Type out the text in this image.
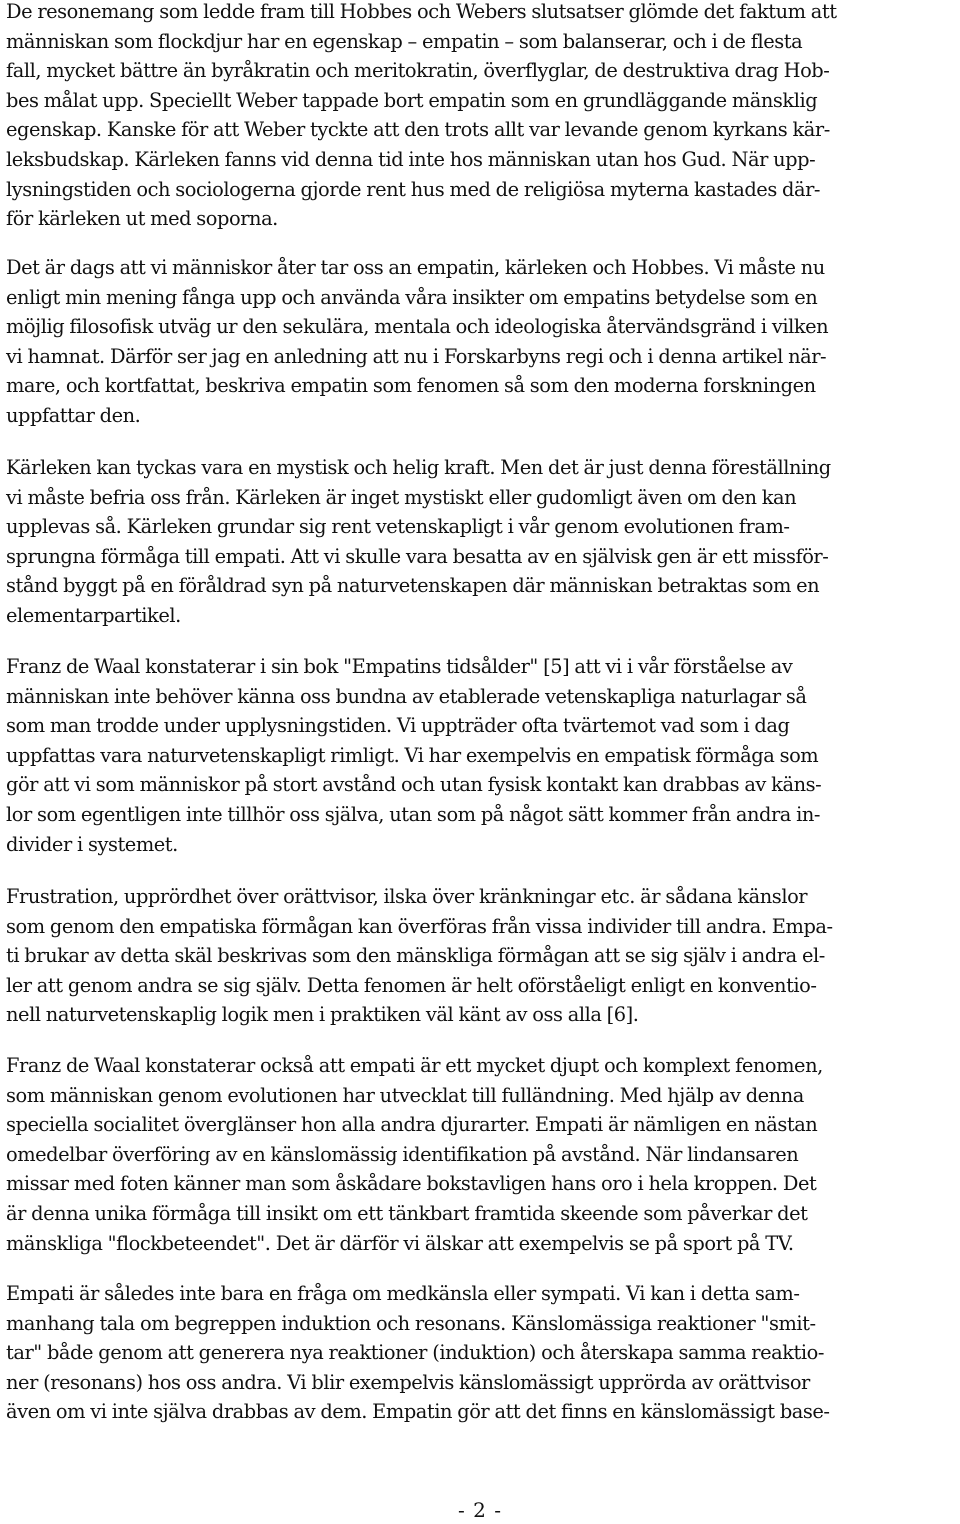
De resonemang som ledde fram till Hobbes och Webers slutsatser glömde det faktum att
människan som flockdjur har en egenskap – empatin – som balanserar, och i de flesta
fall, mycket bättre än byråkratin och meritokratin, överflyglar, de destruktiva drag Hob-
bes målat upp. Speciellt Weber tappade bort empatin som en grundläggande mänsklig
egenskap. Kanske för att Weber tyckte att den trots allt var levande genom kyrkans kär-
leksbudskap. Kärleken fanns vid denna tid inte hos människan utan hos Gud. När upp-
lysningstiden och sociologerna gjorde rent hus med de religiösa myterna kastades där-
för kärleken ut med soporna.
Det är dags att vi människor åter tar oss an empatin, kärleken och Hobbes. Vi måste nu
enligt min mening fånga upp och använda våra insikter om empatins betydelse som en
möjlig filosofisk utväg ur den sekulära, mentala och ideologiska återvändsgränd i vilken
vi hamnat. Därför ser jag en anledning att nu i Forskarbyns regi och i denna artikel när-
mare, och kortfattat, beskriva empatin som fenomen så som den moderna forskningen
uppfattar den.
Kärleken kan tyckas vara en mystisk och helig kraft. Men det är just denna föreställning
vi måste befria oss från. Kärleken är inget mystiskt eller gudomligt även om den kan
upplevas så. Kärleken grundar sig rent vetenskapligt i vår genom evolutionen fram-
sprungna förmåga till empati. Att vi skulle vara besatta av en självisk gen är ett missför-
stånd byggt på en föråldrad syn på naturvetenskapen där människan betraktas som en
elementarpartikel.
Franz de Waal konstaterar i sin bok "Empatins tidsålder" [5] att vi i vår förståelse av
människan inte behöver känna oss bundna av etablerade vetenskapliga naturlagar så
som man trodde under upplysningstiden. Vi uppträder ofta tvärtemot vad som i dag
uppfattas vara naturvetenskapligt rimligt. Vi har exempelvis en empatisk förmåga som
gör att vi som människor på stort avstånd och utan fysisk kontakt kan drabbas av käns-
lor som egentligen inte tillhör oss själva, utan som på något sätt kommer från andra in-
divider i systemet.
Frustration, upprördhet över orättvisor, ilska över kränkningar etc. är sådana känslor
som genom den empatiska förmågan kan överföras från vissa individer till andra. Empa-
ti brukar av detta skäl beskrivas som den mänskliga förmågan att se sig själv i andra el-
ler att genom andra se sig själv. Detta fenomen är helt oförståeligt enligt en konventio-
nell naturvetenskaplig logik men i praktiken väl känt av oss alla [6].
Franz de Waal konstaterar också att empati är ett mycket djupt och komplext fenomen,
som människan genom evolutionen har utvecklat till fulländning. Med hjälp av denna
speciella socialitet överglänser hon alla andra djurarter. Empati är nämligen en nästan
omedelbar överföring av en känslomässig identifikation på avstånd. När lindansaren
missar med foten känner man som åskådare bokstavligen hans oro i hela kroppen. Det
är denna unika förmåga till insikt om ett tänkbart framtida skeende som påverkar det
mänskliga "flockbeteendet". Det är därför vi älskar att exempelvis se på sport på TV.
Empati är således inte bara en fråga om medkänsla eller sympati. Vi kan i detta sam-
manhang tala om begreppen induktion och resonans. Känslomässiga reaktioner "smit-
tar" både genom att generera nya reaktioner (induktion) och återskapa samma reaktio-
ner (resonans) hos oss andra. Vi blir exempelvis känslomässigt upprörda av orättvisor
även om vi inte själva drabbas av dem. Empatin gör att det finns en känslomässigt base-
- 2 -
